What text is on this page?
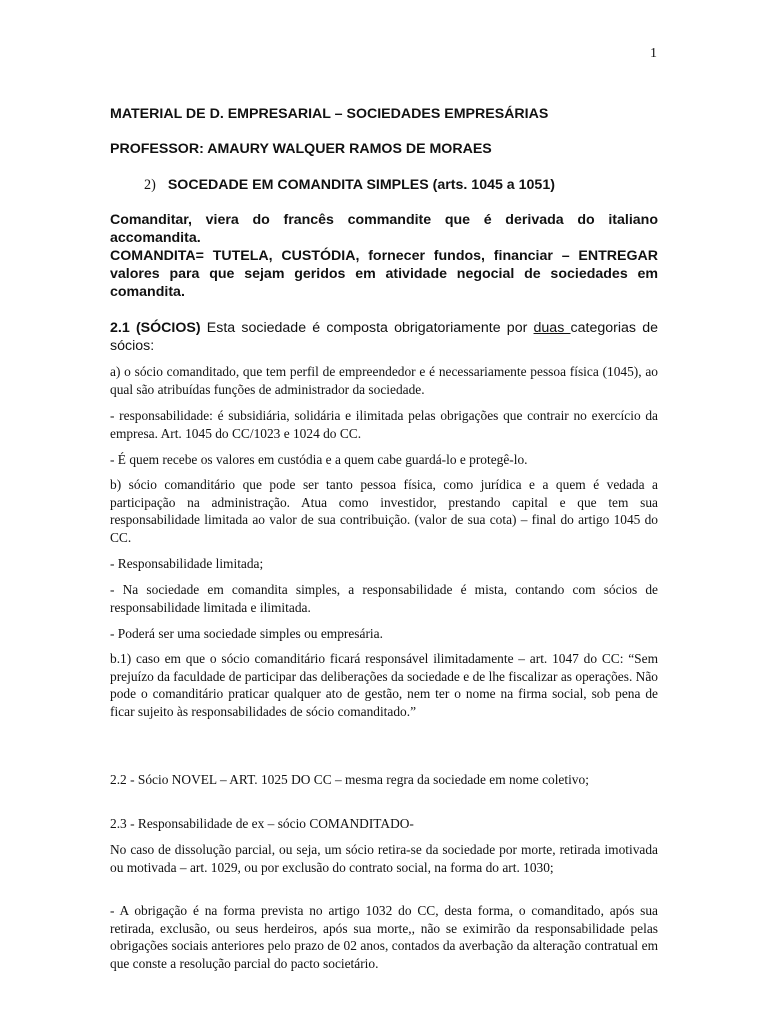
1
MATERIAL DE D. EMPRESARIAL – SOCIEDADES EMPRESÁRIAS
PROFESSOR: AMAURY WALQUER RAMOS DE MORAES
2) SOCEDADE EM COMANDITA SIMPLES (arts. 1045 a 1051)

Comanditar, viera do francês commandite que é derivada do italiano accomandita.

COMANDITA= TUTELA, CUSTÓDIA, fornecer fundos, financiar – ENTREGAR valores para que sejam geridos em atividade negocial de sociedades em comandita.

2.1 (SÓCIOS) Esta sociedade é composta obrigatoriamente por duas categorias de sócios:

a) o sócio comanditado, que tem perfil de empreendedor e é necessariamente pessoa física (1045), ao qual são atribuídas funções de administrador da sociedade.

- responsabilidade: é subsidiária, solidária e ilimitada pelas obrigações que contrair no exercício da empresa. Art. 1045 do CC/1023 e 1024 do CC.

- É quem recebe os valores em custódia e a quem cabe guardá-lo e protegê-lo.

b) sócio comanditário que pode ser tanto pessoa física, como jurídica e a quem é vedada a participação na administração. Atua como investidor, prestando capital e que tem sua responsabilidade limitada ao valor de sua contribuição. (valor de sua cota) – final do artigo 1045 do CC.

- Responsabilidade limitada;

- Na sociedade em comandita simples, a responsabilidade é mista, contando com sócios de responsabilidade limitada e ilimitada.

- Poderá ser uma sociedade simples ou empresária.

b.1) caso em que o sócio comanditário ficará responsável ilimitadamente – art. 1047 do CC: “Sem prejuízo da faculdade de participar das deliberações da sociedade e de lhe fiscalizar as operações. Não pode o comanditário praticar qualquer ato de gestão, nem ter o nome na firma social, sob pena de ficar sujeito às responsabilidades de sócio comanditado.”

2.2 - Sócio NOVEL – ART. 1025 DO CC – mesma regra da sociedade em nome coletivo;

2.3 - Responsabilidade de ex – sócio COMANDITADO-

No caso de dissolução parcial, ou seja, um sócio retira-se da sociedade por morte, retirada imotivada ou motivada – art. 1029, ou por exclusão do contrato social, na forma do art. 1030;

- A obrigação é na forma prevista no artigo 1032 do CC, desta forma, o comanditado, após sua retirada, exclusão, ou seus herdeiros, após sua morte,, não se eximirão da responsabilidade pelas obrigações sociais anteriores pelo prazo de 02 anos, contados da averbação da alteração contratual em que conste a resolução parcial do pacto societário.
